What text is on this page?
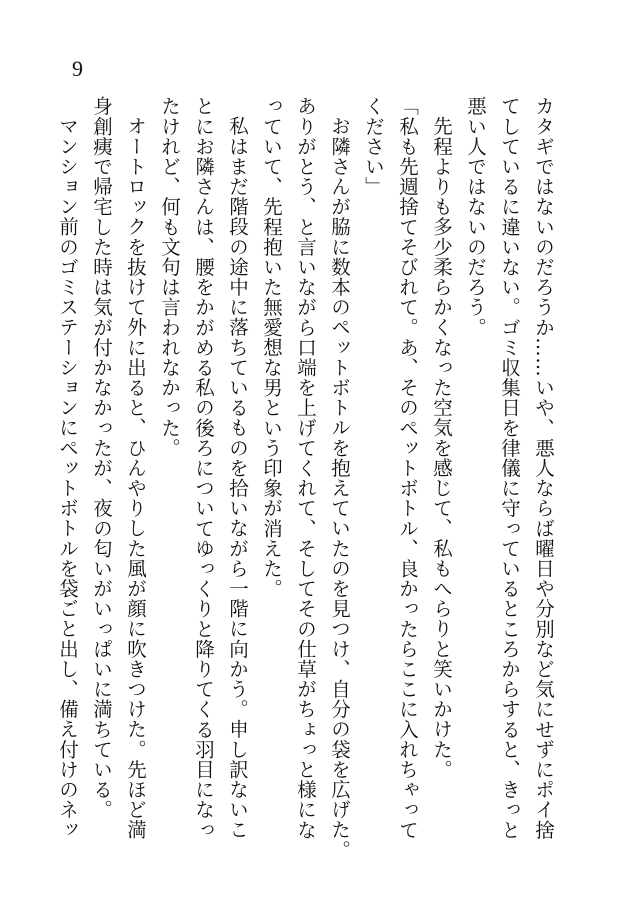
9
カタギではないのだろうか……いや、悪人ならば曜日や分別など気にせずにポイ捨
てしているに違いない。ゴミ収集日を律儀に守っているところからすると、きっと
悪い人ではないのだろう。
先程よりも多少柔らかくなった空気を感じて、私もへらりと笑いかけた。
「私も先週捨てそびれて。あ、そのペットボトル、良かったらここに入れちゃって
ください」
お隣さんが脇に数本のペットボトルを抱えていたのを見つけ、自分の袋を広げた。
ありがとう、と言いながら口端を上げてくれて、そしてその仕草がちょっと様にな
っていて、先程抱いた無愛想な男という印象が消えた。
私はまだ階段の途中に落ちているものを拾いながら一階に向かう。申し訳ないこ
とにお隣さんは、腰をかがめる私の後ろについてゆっくりと降りてくる羽目になっ
たけれど、何も文句は言われなかった。
オートロックを抜けて外に出ると、ひんやりした風が顔に吹きつけた。先ほど満
身創痍で帰宅した時は気が付かなかったが、夜の匂いがいっぱいに満ちている。
マンション前のゴミステーションにペットボトルを袋ごと出し、備え付けのネッ
